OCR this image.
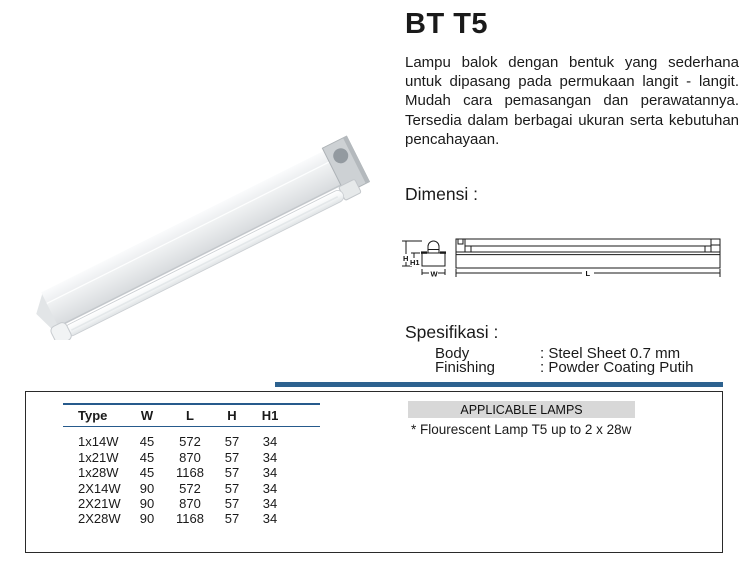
BT T5
Lampu balok dengan bentuk yang sederhana untuk dipasang pada permukaan langit - langit. Mudah cara pemasangan dan perawatannya. Tersedia dalam berbagai ukuran serta kebutuhan pencahayaan.
Dimensi :
H H1
W	L
Spesifikasi :
Body	: Steel Sheet 0.7 mm
Finishing	: Powder Coating Putih
Type	W	L	H	H1
1x14W	45	572	57	34
1x21W	45	870	57	34
1x28W	45	1168	57	34
2X14W	90	572	57	34
2X21W	90	870	57	34
2X28W	90	1168	57	34
APPLICABLE LAMPS
* Flourescent Lamp T5 up to 2 x 28w
